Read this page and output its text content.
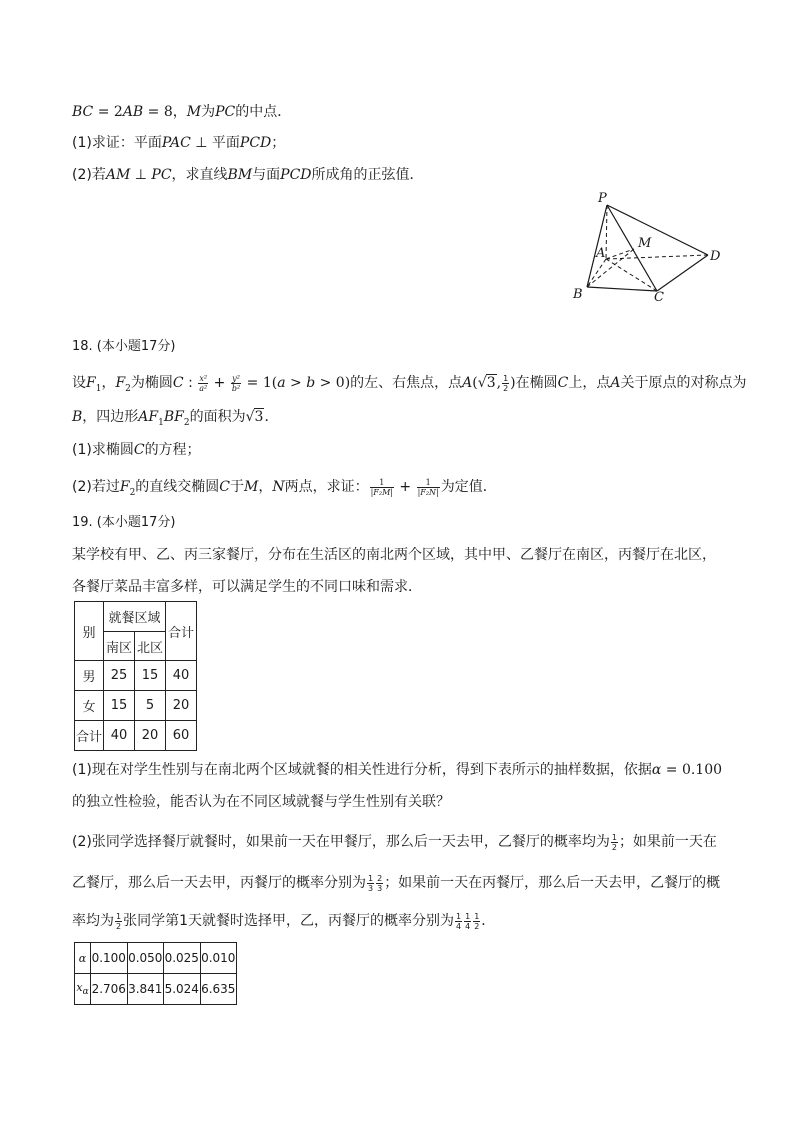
BC = 2AB = 8，M为PC的中点．
(1)求证：平面PAC ⊥ 平面PCD；
(2)若AM ⊥ PC，求直线BM与面PCD所成角的正弦值．
P
M
A	D
B	C
18. (本小题17分)
设$F_1$，$F_2$为椭圆C : $\frac{\text{x²}}{\text{a²}} + \frac{\text{y²}}{\text{b²}} = 1(a > b > 0)$的左、右焦点，点A(√3, $\frac{1}{2}$ )在椭圆C上，点A关于原点的对称点为
B，四边形$AF_1BF_2$的面积为√3．
(1)求椭圆C的方程；
(2)若过$F_2$的直线交椭圆C于M，N两点，求证： $\frac{1}{\text{|F₂M|}} + \frac{1}{\text{|F₂N|}}$ 为定值．
19. (本小题17分)
某学校有甲、乙、丙三家餐厅，分布在生活区的南北两个区域，其中甲、乙餐厅在南区，丙餐厅在北区，
各餐厅菜品丰富多样，可以满足学生的不同口味和需求．
别	就餐区域		合计
	南区	北区	
男	25	15	40
女	15	5	20
合计	40	20	60
(1)现在对学生性别与在南北两个区域就餐的相关性进行分析，得到下表所示的抽样数据，依据α = 0.100
的独立性检验，能否认为在不同区域就餐与学生性别有关联？
(2)张同学选择餐厅就餐时，如果前一天在甲餐厅，那么后一天去甲，乙餐厅的概率均为 $\frac{1}{2}$ ；如果前一天在
乙餐厅，那么后一天去甲，丙餐厅的概率分别为 $\frac{1}{3} \frac{2}{3}$ ；如果前一天在丙餐厅，那么后一天去甲，乙餐厅的概
率均为 $\frac{1}{2}$ 张同学第1天就餐时选择甲，乙，丙餐厅的概率分别为 $\frac{1}{4} \frac{1}{4} \frac{1}{2}$ ．
α	0.100	0.050	0.025	0.010
$x_\alpha$	2.706	3.841	5.024	6.635
